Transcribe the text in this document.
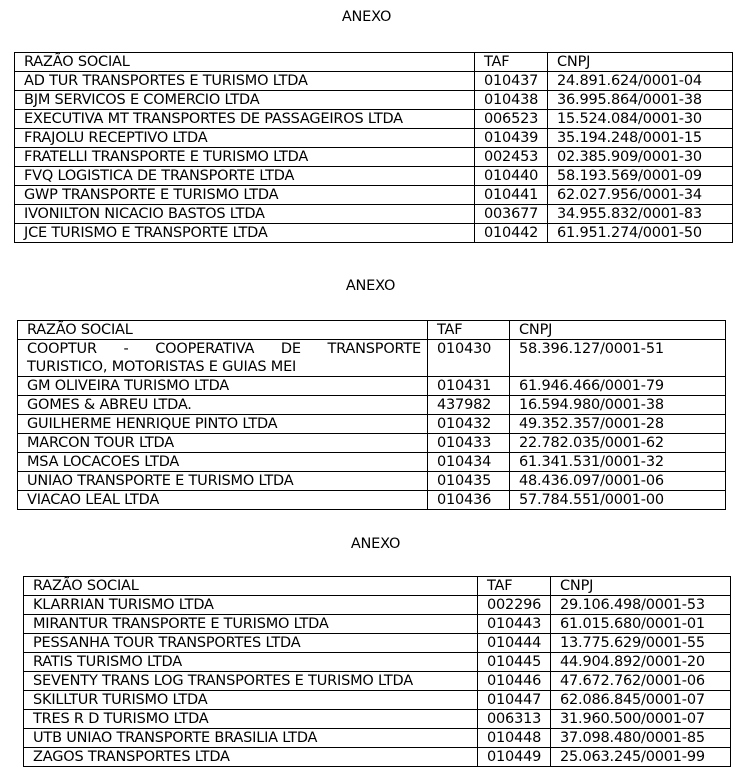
ANEXO
RAZÃO SOCIAL	TAF	CNPJ
AD TUR TRANSPORTES E TURISMO LTDA	010437	24.891.624/0001-04
BJM SERVICOS E COMERCIO LTDA	010438	36.995.864/0001-38
EXECUTIVA MT TRANSPORTES DE PASSAGEIROS LTDA	006523	15.524.084/0001-30
FRAJOLU RECEPTIVO LTDA	010439	35.194.248/0001-15
FRATELLI TRANSPORTE E TURISMO LTDA	002453	02.385.909/0001-30
FVQ LOGISTICA DE TRANSPORTE LTDA	010440	58.193.569/0001-09
GWP TRANSPORTE E TURISMO LTDA	010441	62.027.956/0001-34
IVONILTON NICACIO BASTOS LTDA	003677	34.955.832/0001-83
JCE TURISMO E TRANSPORTE LTDA	010442	61.951.274/0001-50
ANEXO
RAZÃO SOCIAL	TAF	CNPJ

COOPTUR - COOPERATIVA DE TRANSPORTE
TURISTICO, MOTORISTAS E GUIAS MEI	010430	58.396.127/0001-51
GM OLIVEIRA TURISMO LTDA	010431	61.946.466/0001-79
GOMES & ABREU LTDA.	437982	16.594.980/0001-38
GUILHERME HENRIQUE PINTO LTDA	010432	49.352.357/0001-28
MARCON TOUR LTDA	010433	22.782.035/0001-62
MSA LOCACOES LTDA	010434	61.341.531/0001-32
UNIAO TRANSPORTE E TURISMO LTDA	010435	48.436.097/0001-06
VIACAO LEAL LTDA	010436	57.784.551/0001-00
ANEXO
RAZÃO SOCIAL	TAF	CNPJ
KLARRIAN TURISMO LTDA	002296	29.106.498/0001-53
MIRANTUR TRANSPORTE E TURISMO LTDA	010443	61.015.680/0001-01
PESSANHA TOUR TRANSPORTES LTDA	010444	13.775.629/0001-55
RATIS TURISMO LTDA	010445	44.904.892/0001-20
SEVENTY TRANS LOG TRANSPORTES E TURISMO LTDA	010446	47.672.762/0001-06
SKILLTUR TURISMO LTDA	010447	62.086.845/0001-07
TRES R D TURISMO LTDA	006313	31.960.500/0001-07
UTB UNIAO TRANSPORTE BRASILIA LTDA	010448	37.098.480/0001-85
ZAGOS TRANSPORTES LTDA	010449	25.063.245/0001-99
